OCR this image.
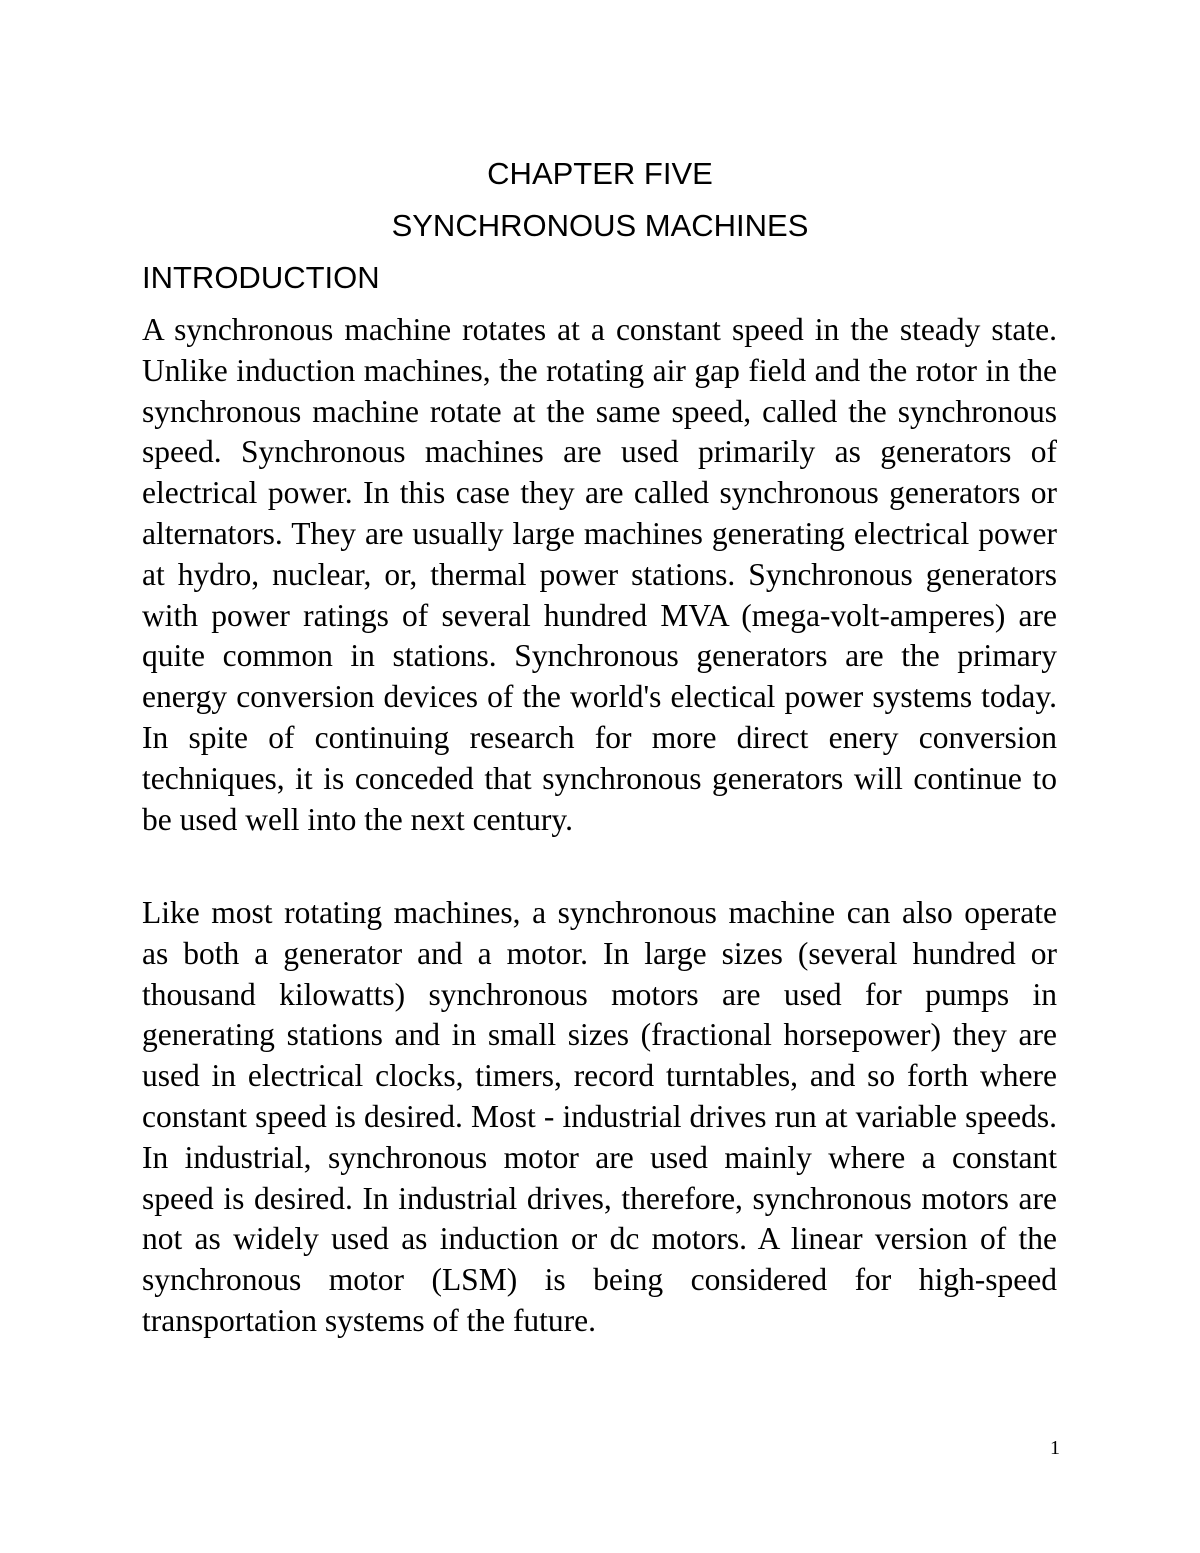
CHAPTER FIVE
SYNCHRONOUS MACHINES
INTRODUCTION

A synchronous machine rotates at a constant speed in the steady state. Unlike induction machines, the rotating air gap field and the rotor in the synchronous machine rotate at the same speed, called the synchronous speed. Synchronous machines are used primarily as generators of electrical power. In this case they are called synchronous generators or alternators. They are usually large machines generating electrical power at hydro, nuclear, or, thermal power stations. Synchronous generators with power ratings of several hundred MVA (mega-volt-amperes) are quite common in stations. Synchronous generators are the primary energy conversion devices of the world's electical power systems today. In spite of continuing research for more direct enery conversion techniques, it is conceded that synchronous generators will continue to be used well into the next century.

Like most rotating machines, a synchronous machine can also operate as both a generator and a motor. In large sizes (several hundred or thousand kilowatts) synchronous motors are used for pumps in generating stations and in small sizes (fractional horsepower) they are used in electrical clocks, timers, record turntables, and so forth where constant speed is desired. Most - industrial drives run at variable speeds. In industrial, synchronous motor are used mainly where a constant speed is desired. In industrial drives, therefore, synchronous motors are not as widely used as induction or dc motors. A linear version of the synchronous motor (LSM) is being considered for high-speed transportation systems of the future.

1
